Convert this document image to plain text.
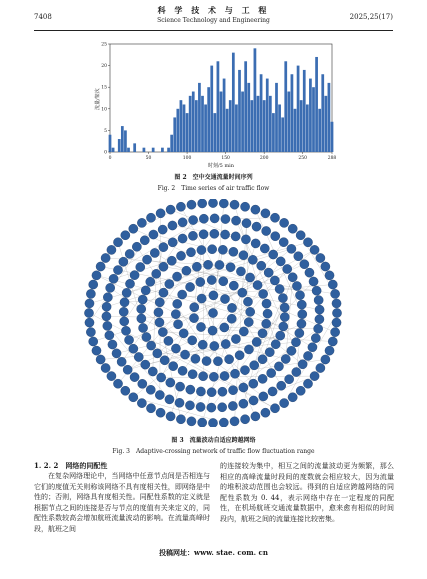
7408
科 学 技 术 与 工 程
Science Technology and Engineering	2025,25(17)
0	50	100	150	200	250	288
0
5
10
15
20
25
流量/架次
时刻/5 min
图 2　空中交通流量时间序列
Fig. 2　Time series of air traffic flow
图 3　流量波动自适应跨越网络
Fig. 3　Adaptive-crossing network of traffic flow fluctuation range
1. 2. 2　网络的同配性
在复杂网络理论中，当网络中任意节点间是否相连与它们的度值无关则称该网络不具有度相关性，即网络是中性的；否则，网络具有度相关性。同配性系数的定义就是根据节点之间的连接是否与节点的度值有关来定义的，同配性系数较高会增加航班流量波动的影响。在流量高峰时段，航班之间
的连接较为集中，相互之间的流量波动更为频繁，那么相应的高峰流量时段间的度数就会相应较大，因为流量的堆积波动范围也会较远。得到的自适应跨越网络的同配性系数为 0. 44，表示网络中存在一定程度的同配性，在机场航班交通流量数据中，愈来愈有相似的时间段内，航班之间的流量连接比较密集。
投稿网址：www. stae. com. cn
